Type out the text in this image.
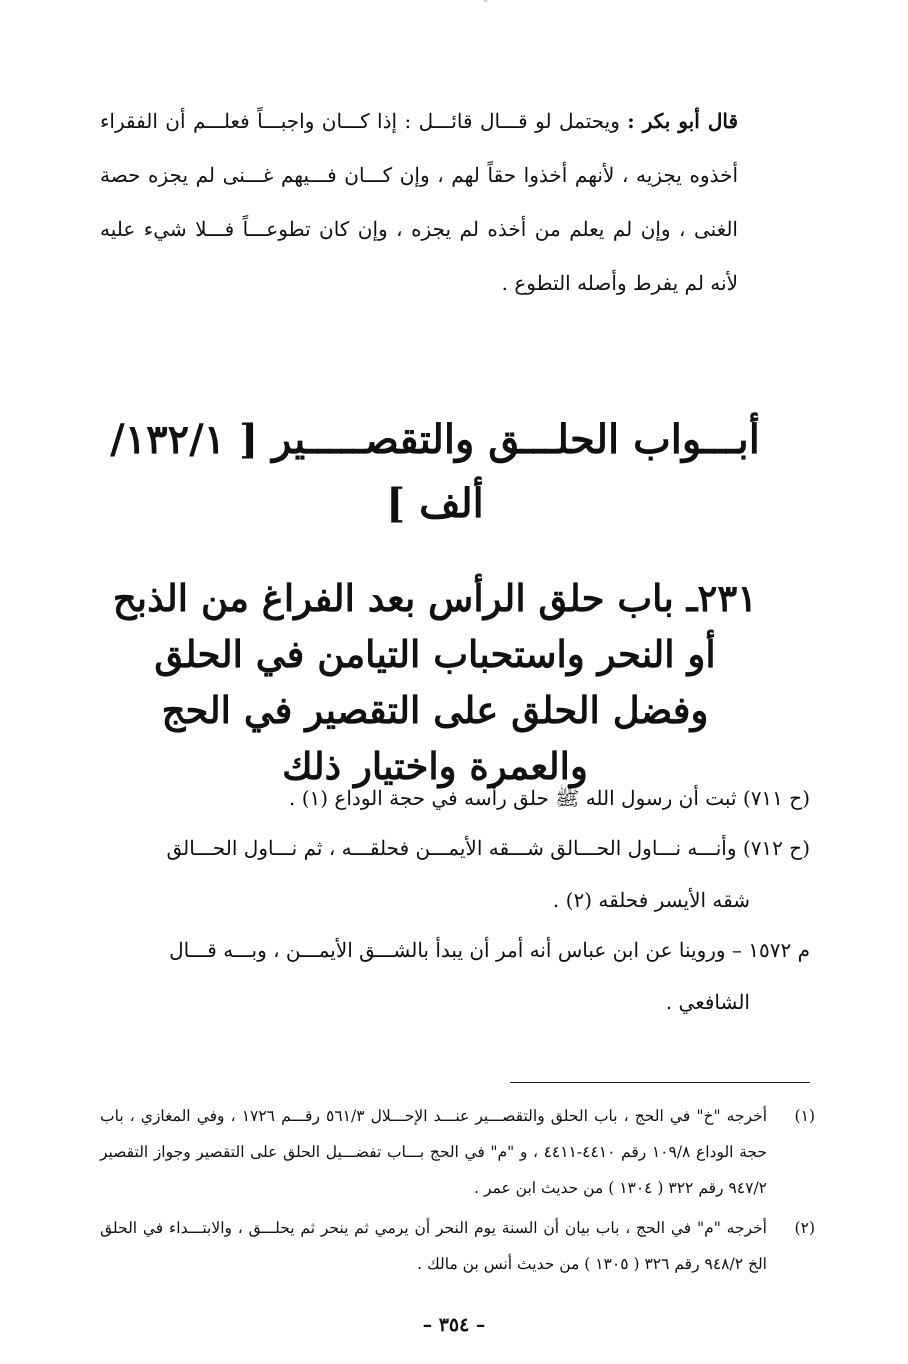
ﹾ
قال أبو بكر : ويحتمل لو قـــال قائـــل : إذا كـــان واجبـــاً فعلـــم أن الفقراء أخذوه يجزيه ، لأنهم أخذوا حقاً لهم ، وإن كـــان فـــيهم غـــنى لم يجزه حصة الغنى ، وإن لم يعلم من أخذه لم يجزه ، وإن كان تطوعـــاً فـــلا شيء عليه لأنه لم يفرط وأصله التطوع .
أبـــواب الحلـــق والتقصـــــير [ ١٣٢/١/ألف ]
٢٣١ـ باب حلق الرأس بعد الفراغ من الذبح أو النحر واستحباب التيامن في الحلق وفضل الحلق على التقصير في الحج والعمرة واختيار ذلك
(ح ٧١١) ثبت أن رسول الله ﷺ حلق رأسه في حجة الوداع (١) .
(ح ٧١٢) وأنـــه نـــاول الحـــالق شـــقه الأيمـــن فحلقـــه ، ثم نـــاول الحـــالق
شقه الأيسر فحلقه (٢) .
م ١٥٧٢ – وروينا عن ابن عباس أنه أمر أن يبدأ بالشـــق الأيمـــن ، وبـــه قـــال
الشافعي .
(١)
أخرجه "خ" في الحج ، باب الحلق والتقصـــير عنـــد الإحـــلال ٥٦١/٣ رقـــم ١٧٢٦ ، وفي المغازي ، باب حجة الوداع ١٠٩/٨ رقم ٤٤١٠-٤٤١١ ، و "م" في الحج بـــاب تفضـــيل الحلق على التقصير وجواز التقصير ٩٤٧/٢ رقم ٣٢٢ ( ١٣٠٤ ) من حديث ابن عمر .
(٢)
أخرجه "م" في الحج ، باب بيان أن السنة يوم النحر أن يرمي ثم ينحر ثم يحلـــق ، والابتـــداء في الحلق الخ ٩٤٨/٢ رقم ٣٢٦ ( ١٣٠٥ ) من حديث أنس بن مالك .
– ٣٥٤ –
